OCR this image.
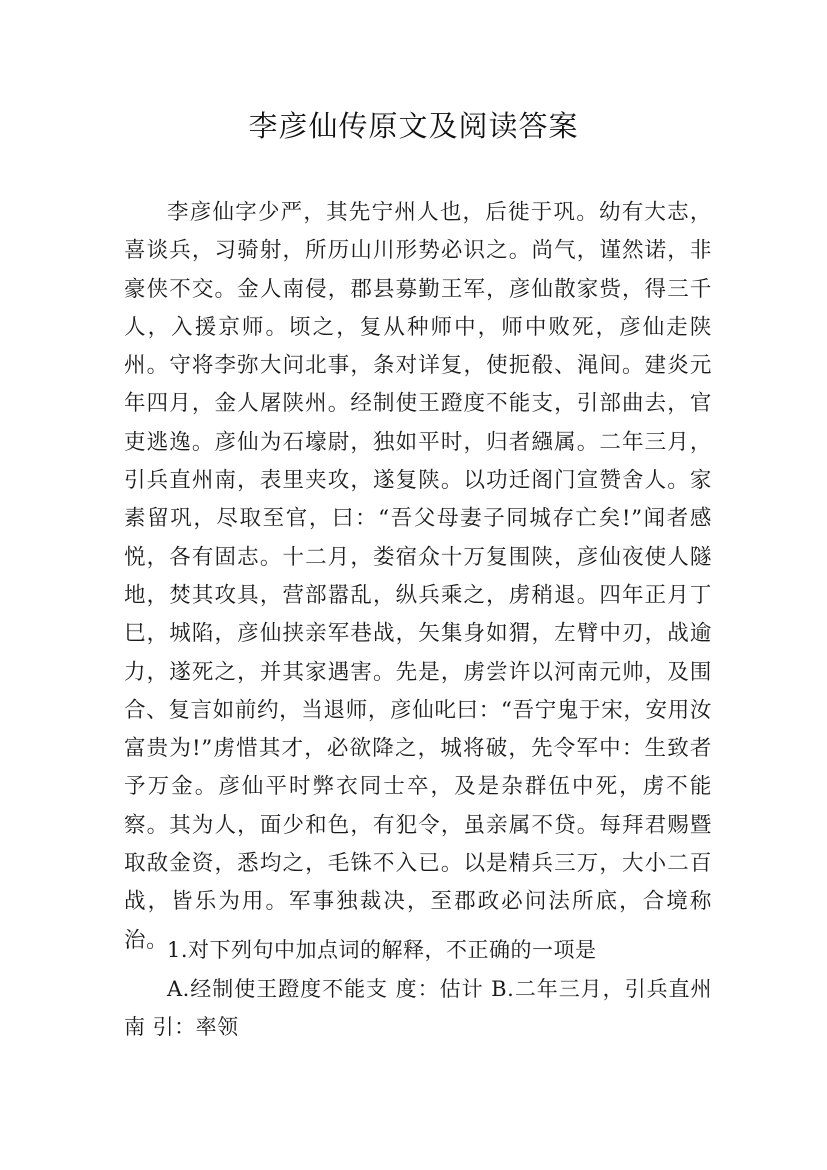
李彦仙传原文及阅读答案

李彦仙字少严，其先宁州人也，后徙于巩。幼有大志，喜谈兵，习骑射，所历山川形势必识之。尚气，谨然诺，非豪侠不交。金人南侵，郡县募勤王军，彦仙散家赀，得三千人，入援京师。顷之，复从种师中，师中败死，彦仙走陕州。守将李弥大问北事，条对详复，使扼殽、渑间。建炎元年四月，金人屠陕州。经制使王蹬度不能支，引部曲去，官吏逃逸。彦仙为石壕尉，独如平时，归者繦属。二年三月，引兵直州南，表里夹攻，遂复陕。以功迁阁门宣赞舍人。家素留巩，尽取至官，曰：“吾父母妻子同城存亡矣!”闻者感悦，各有固志。十二月，娄宿众十万复围陕，彦仙夜使人隧地，焚其攻具，营部嚣乱，纵兵乘之，虏稍退。四年正月丁巳，城陷，彦仙挟亲军巷战，矢集身如猬，左臂中刃，战逾力，遂死之，并其家遇害。先是，虏尝许以河南元帅，及围合、复言如前约，当退师，彦仙叱曰：“吾宁鬼于宋，安用汝富贵为!”虏惜其才，必欲降之，城将破，先令军中：生致者予万金。彦仙平时弊衣同士卒，及是杂群伍中死，虏不能察。其为人，面少和色，有犯令，虽亲属不贷。每拜君赐暨取敌金资，悉均之，毛铢不入已。以是精兵三万，大小二百战，皆乐为用。军事独裁决，至郡政必问法所底，合境称治。

1.对下列句中加点词的解释，不正确的一项是

A.经制使王蹬度不能支 度：估计 B.二年三月，引兵直州南 引：率领
